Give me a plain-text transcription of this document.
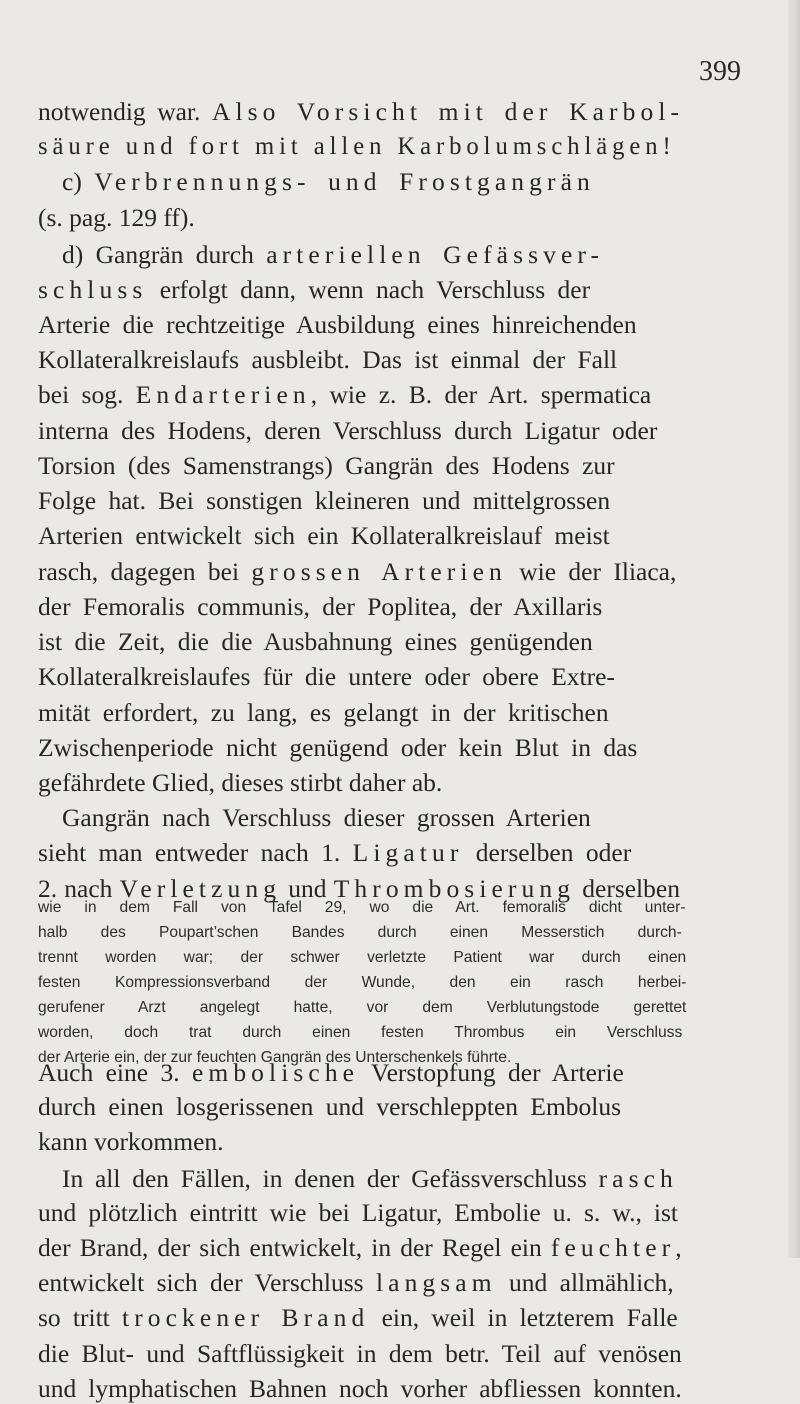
399
notwendig war. Also Vorsicht mit der Karbol-
säure und fort mit allen Karbolumschlägen!
c) Verbrennungs- und Frostgangrän
(s. pag. 129 ff).
d) Gangrän durch arteriellen Gefässver-
schluss erfolgt dann, wenn nach Verschluss der
Arterie die rechtzeitige Ausbildung eines hinreichenden
Kollateralkreislaufs ausbleibt. Das ist einmal der Fall
bei sog. Endarterien, wie z. B. der Art. spermatica
interna des Hodens, deren Verschluss durch Ligatur oder
Torsion (des Samenstrangs) Gangrän des Hodens zur
Folge hat. Bei sonstigen kleineren und mittelgrossen
Arterien entwickelt sich ein Kollateralkreislauf meist
rasch, dagegen bei grossen Arterien wie der Iliaca,
der Femoralis communis, der Poplitea, der Axillaris
ist die Zeit, die die Ausbahnung eines genügenden
Kollateralkreislaufes für die untere oder obere Extre-
mität erfordert, zu lang, es gelangt in der kritischen
Zwischenperiode nicht genügend oder kein Blut in das
gefährdete Glied, dieses stirbt daher ab.
Gangrän nach Verschluss dieser grossen Arterien
sieht man entweder nach 1. Ligatur derselben oder
2. nach Verletzung und Thrombosierung derselben
wie in dem Fall von Tafel 29, wo die Art. femoralis dicht unter-
halb des Poupart’schen Bandes durch einen Messerstich durch-
trennt worden war; der schwer verletzte Patient war durch einen
festen Kompressionsverband der Wunde, den ein rasch herbei-
gerufener Arzt angelegt hatte, vor dem Verblutungstode gerettet
worden, doch trat durch einen festen Thrombus ein Verschluss
der Arterie ein, der zur feuchten Gangrän des Unterschenkels führte.
Auch eine 3. embolische Verstopfung der Arterie
durch einen losgerissenen und verschleppten Embolus
kann vorkommen.
In all den Fällen, in denen der Gefässverschluss rasch
und plötzlich eintritt wie bei Ligatur, Embolie u. s. w., ist
der Brand, der sich entwickelt, in der Regel ein feuchter,
entwickelt sich der Verschluss langsam und allmählich,
so tritt trockener Brand ein, weil in letzterem Falle
die Blut- und Saftflüssigkeit in dem betr. Teil auf venösen
und lymphatischen Bahnen noch vorher abfliessen konnten.
